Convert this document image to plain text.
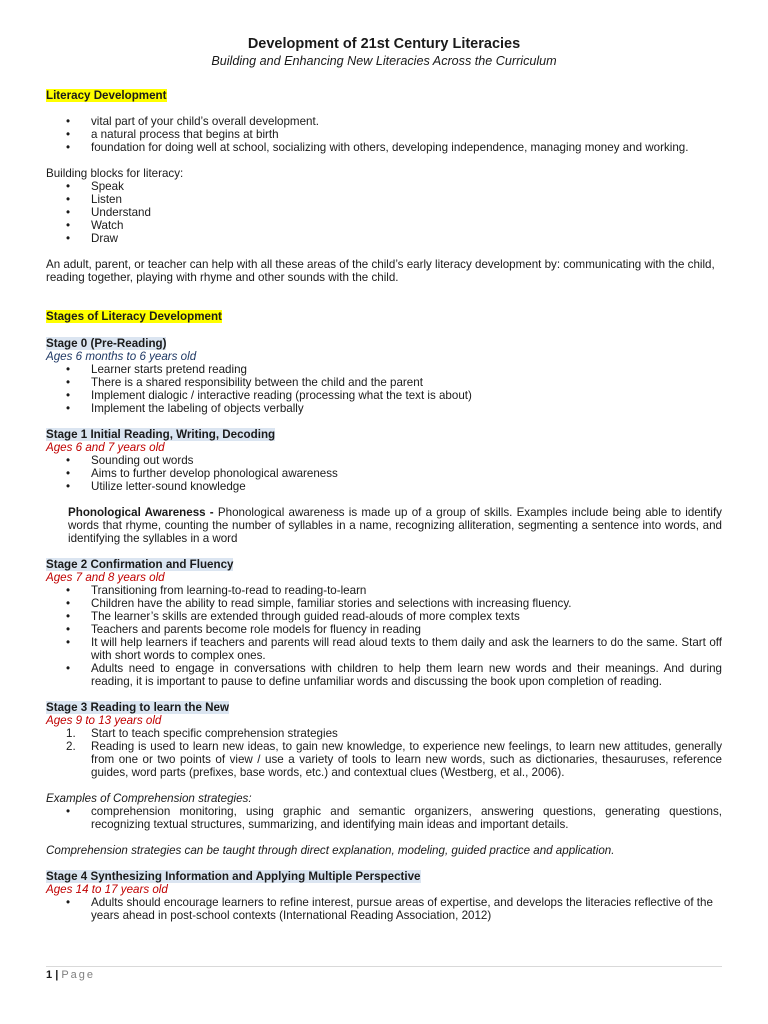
Development of 21st Century Literacies
Building and Enhancing New Literacies Across the Curriculum
Literacy Development
• vital part of your child’s overall development.
• a natural process that begins at birth
• foundation for doing well at school, socializing with others, developing independence, managing money and working.
Building blocks for literacy:
• Speak
• Listen
• Understand
• Watch
• Draw
An adult, parent, or teacher can help with all these areas of the child’s early literacy development by: communicating with the child, reading together, playing with rhyme and other sounds with the child.
Stages of Literacy Development
Stage 0 (Pre-Reading)
Ages 6 months to 6 years old
• Learner starts pretend reading
• There is a shared responsibility between the child and the parent
• Implement dialogic / interactive reading (processing what the text is about)
• Implement the labeling of objects verbally
Stage 1 Initial Reading, Writing, Decoding
Ages 6 and 7 years old
• Sounding out words
• Aims to further develop phonological awareness
• Utilize letter-sound knowledge
Phonological Awareness - Phonological awareness is made up of a group of skills. Examples include being able to identify words that rhyme, counting the number of syllables in a name, recognizing alliteration, segmenting a sentence into words, and identifying the syllables in a word
Stage 2 Confirmation and Fluency
Ages 7 and 8 years old
• Transitioning from learning-to-read to reading-to-learn
• Children have the ability to read simple, familiar stories and selections with increasing fluency.
• The learner’s skills are extended through guided read-alouds of more complex texts
• Teachers and parents become role models for fluency in reading
• It will help learners if teachers and parents will read aloud texts to them daily and ask the learners to do the same. Start off with short words to complex ones.
• Adults need to engage in conversations with children to help them learn new words and their meanings. And during reading, it is important to pause to define unfamiliar words and discussing the book upon completion of reading.
Stage 3 Reading to learn the New
Ages 9 to 13 years old
1. Start to teach specific comprehension strategies
2. Reading is used to learn new ideas, to gain new knowledge, to experience new feelings, to learn new attitudes, generally from one or two points of view / use a variety of tools to learn new words, such as dictionaries, thesauruses, reference guides, word parts (prefixes, base words, etc.) and contextual clues (Westberg, et al., 2006).
Examples of Comprehension strategies:
• comprehension monitoring, using graphic and semantic organizers, answering questions, generating questions, recognizing textual structures, summarizing, and identifying main ideas and important details.
Comprehension strategies can be taught through direct explanation, modeling, guided practice and application.
Stage 4 Synthesizing Information and Applying Multiple Perspective
Ages 14 to 17 years old
• Adults should encourage learners to refine interest, pursue areas of expertise, and develops the literacies reflective of the years ahead in post-school contexts (International Reading Association, 2012)
1 | Page
